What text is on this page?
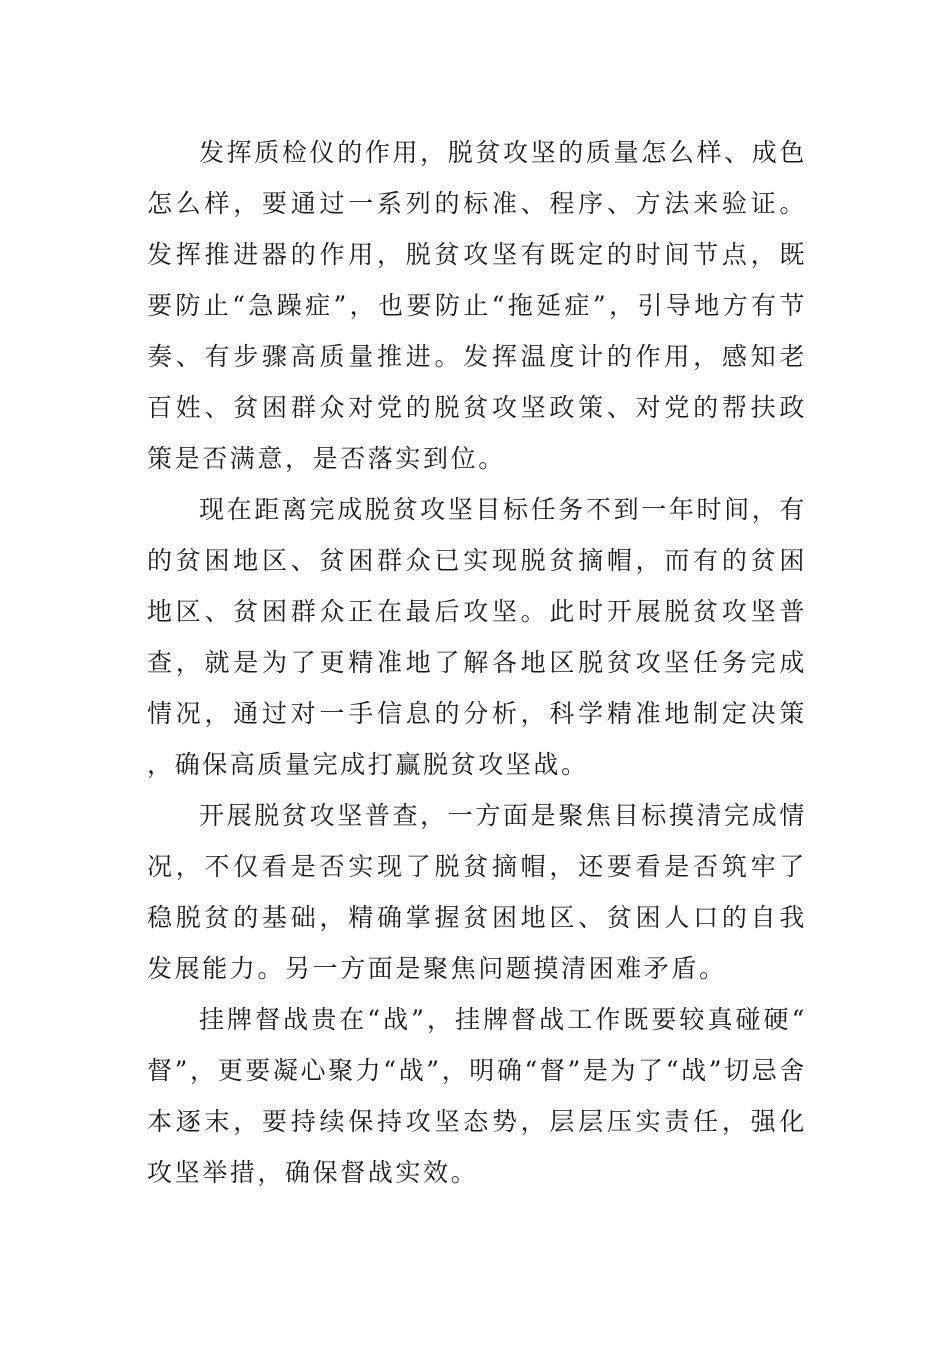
发挥质检仪的作用，脱贫攻坚的质量怎么样、成色怎么样，要通过一系列的标准、程序、方法来验证。发挥推进器的作用，脱贫攻坚有既定的时间节点，既要防止“急躁症”，也要防止“拖延症”，引导地方有节奏、有步骤高质量推进。发挥温度计的作用，感知老百姓、贫困群众对党的脱贫攻坚政策、对党的帮扶政策是否满意，是否落实到位。

现在距离完成脱贫攻坚目标任务不到一年时间，有的贫困地区、贫困群众已实现脱贫摘帽，而有的贫困地区、贫困群众正在最后攻坚。此时开展脱贫攻坚普查，就是为了更精准地了解各地区脱贫攻坚任务完成情况，通过对一手信息的分析，科学精准地制定决策，确保高质量完成打赢脱贫攻坚战。

开展脱贫攻坚普查，一方面是聚焦目标摸清完成情况，不仅看是否实现了脱贫摘帽，还要看是否筑牢了稳脱贫的基础，精确掌握贫困地区、贫困人口的自我发展能力。另一方面是聚焦问题摸清困难矛盾。

挂牌督战贵在“战”，挂牌督战工作既要较真碰硬“督”，更要凝心聚力“战”，明确“督”是为了“战”切忌舍本逐末，要持续保持攻坚态势，层层压实责任，强化攻坚举措，确保督战实效。
